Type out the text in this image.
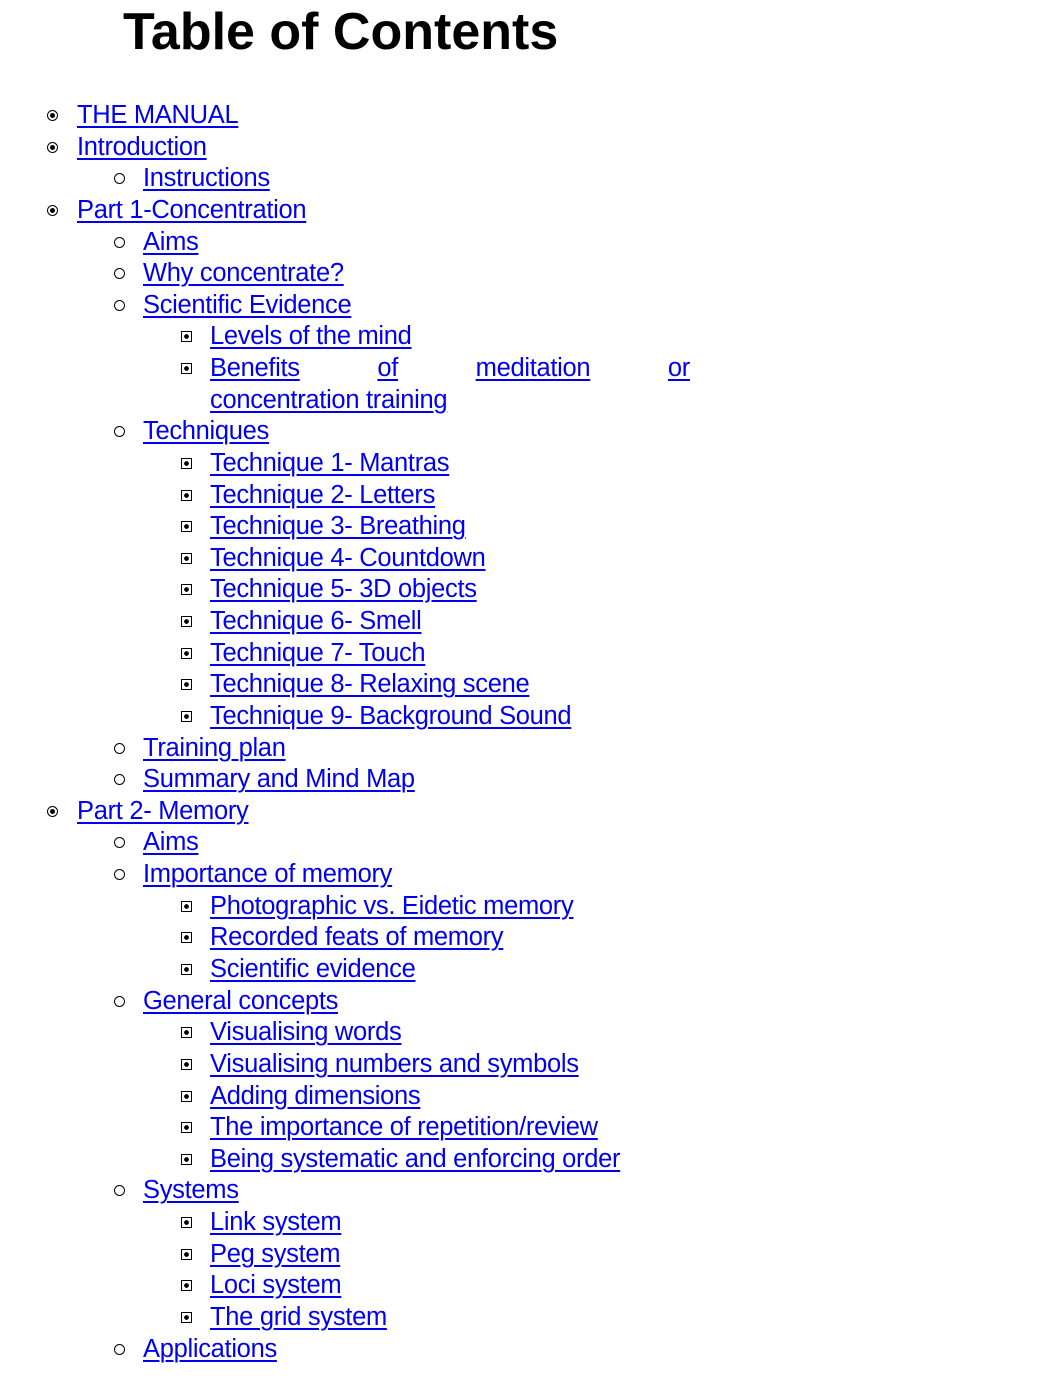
Table of Contents
THE MANUAL
Introduction
Instructions
Part 1-Concentration
Aims
Why concentrate?
Scientific Evidence
Levels of the mind
Benefits	of	meditation	or
concentration training
Techniques
Technique 1- Mantras
Technique 2- Letters
Technique 3- Breathing
Technique 4- Countdown
Technique 5- 3D objects
Technique 6- Smell
Technique 7- Touch
Technique 8- Relaxing scene
Technique 9- Background Sound
Training plan
Summary and Mind Map
Part 2- Memory
Aims
Importance of memory
Photographic vs. Eidetic memory
Recorded feats of memory
Scientific evidence
General concepts
Visualising words
Visualising numbers and symbols
Adding dimensions
The importance of repetition/review
Being systematic and enforcing order
Systems
Link system
Peg system
Loci system
The grid system
Applications
